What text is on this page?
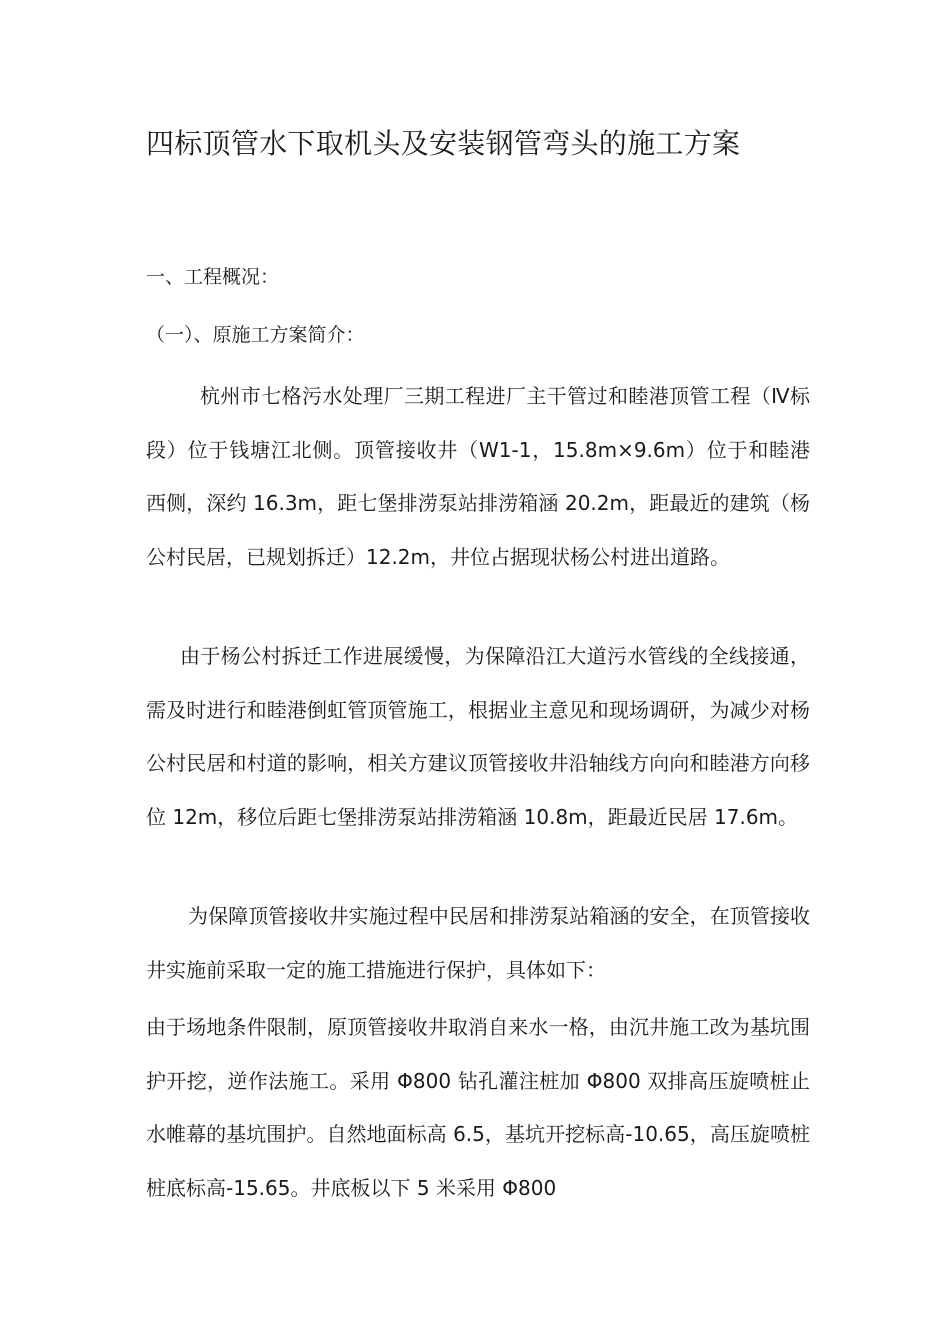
四标顶管水下取机头及安装钢管弯头的施工方案
一、工程概况：
（一）、原施工方案简介：

杭州市七格污水处理厂三期工程进厂主干管过和睦港顶管工程（Ⅳ标段）位于钱塘江北侧。顶管接收井（W1-1，15.8m×9.6m）位于和睦港西侧，深约 16.3m，距七堡排涝泵站排涝箱涵 20.2m，距最近的建筑（杨公村民居，已规划拆迁）12.2m，井位占据现状杨公村进出道路。

由于杨公村拆迁工作进展缓慢，为保障沿江大道污水管线的全线接通，需及时进行和睦港倒虹管顶管施工，根据业主意见和现场调研，为减少对杨公村民居和村道的影响，相关方建议顶管接收井沿轴线方向向和睦港方向移位 12m，移位后距七堡排涝泵站排涝箱涵 10.8m，距最近民居 17.6m。

为保障顶管接收井实施过程中民居和排涝泵站箱涵的安全，在顶管接收井实施前采取一定的施工措施进行保护，具体如下：

由于场地条件限制，原顶管接收井取消自来水一格，由沉井施工改为基坑围护开挖，逆作法施工。采用 Φ800 钻孔灌注桩加 Φ800 双排高压旋喷桩止水帷幕的基坑围护。自然地面标高 6.5，基坑开挖标高-10.65，高压旋喷桩桩底标高-15.65。井底板以下 5 米采用 Φ800
